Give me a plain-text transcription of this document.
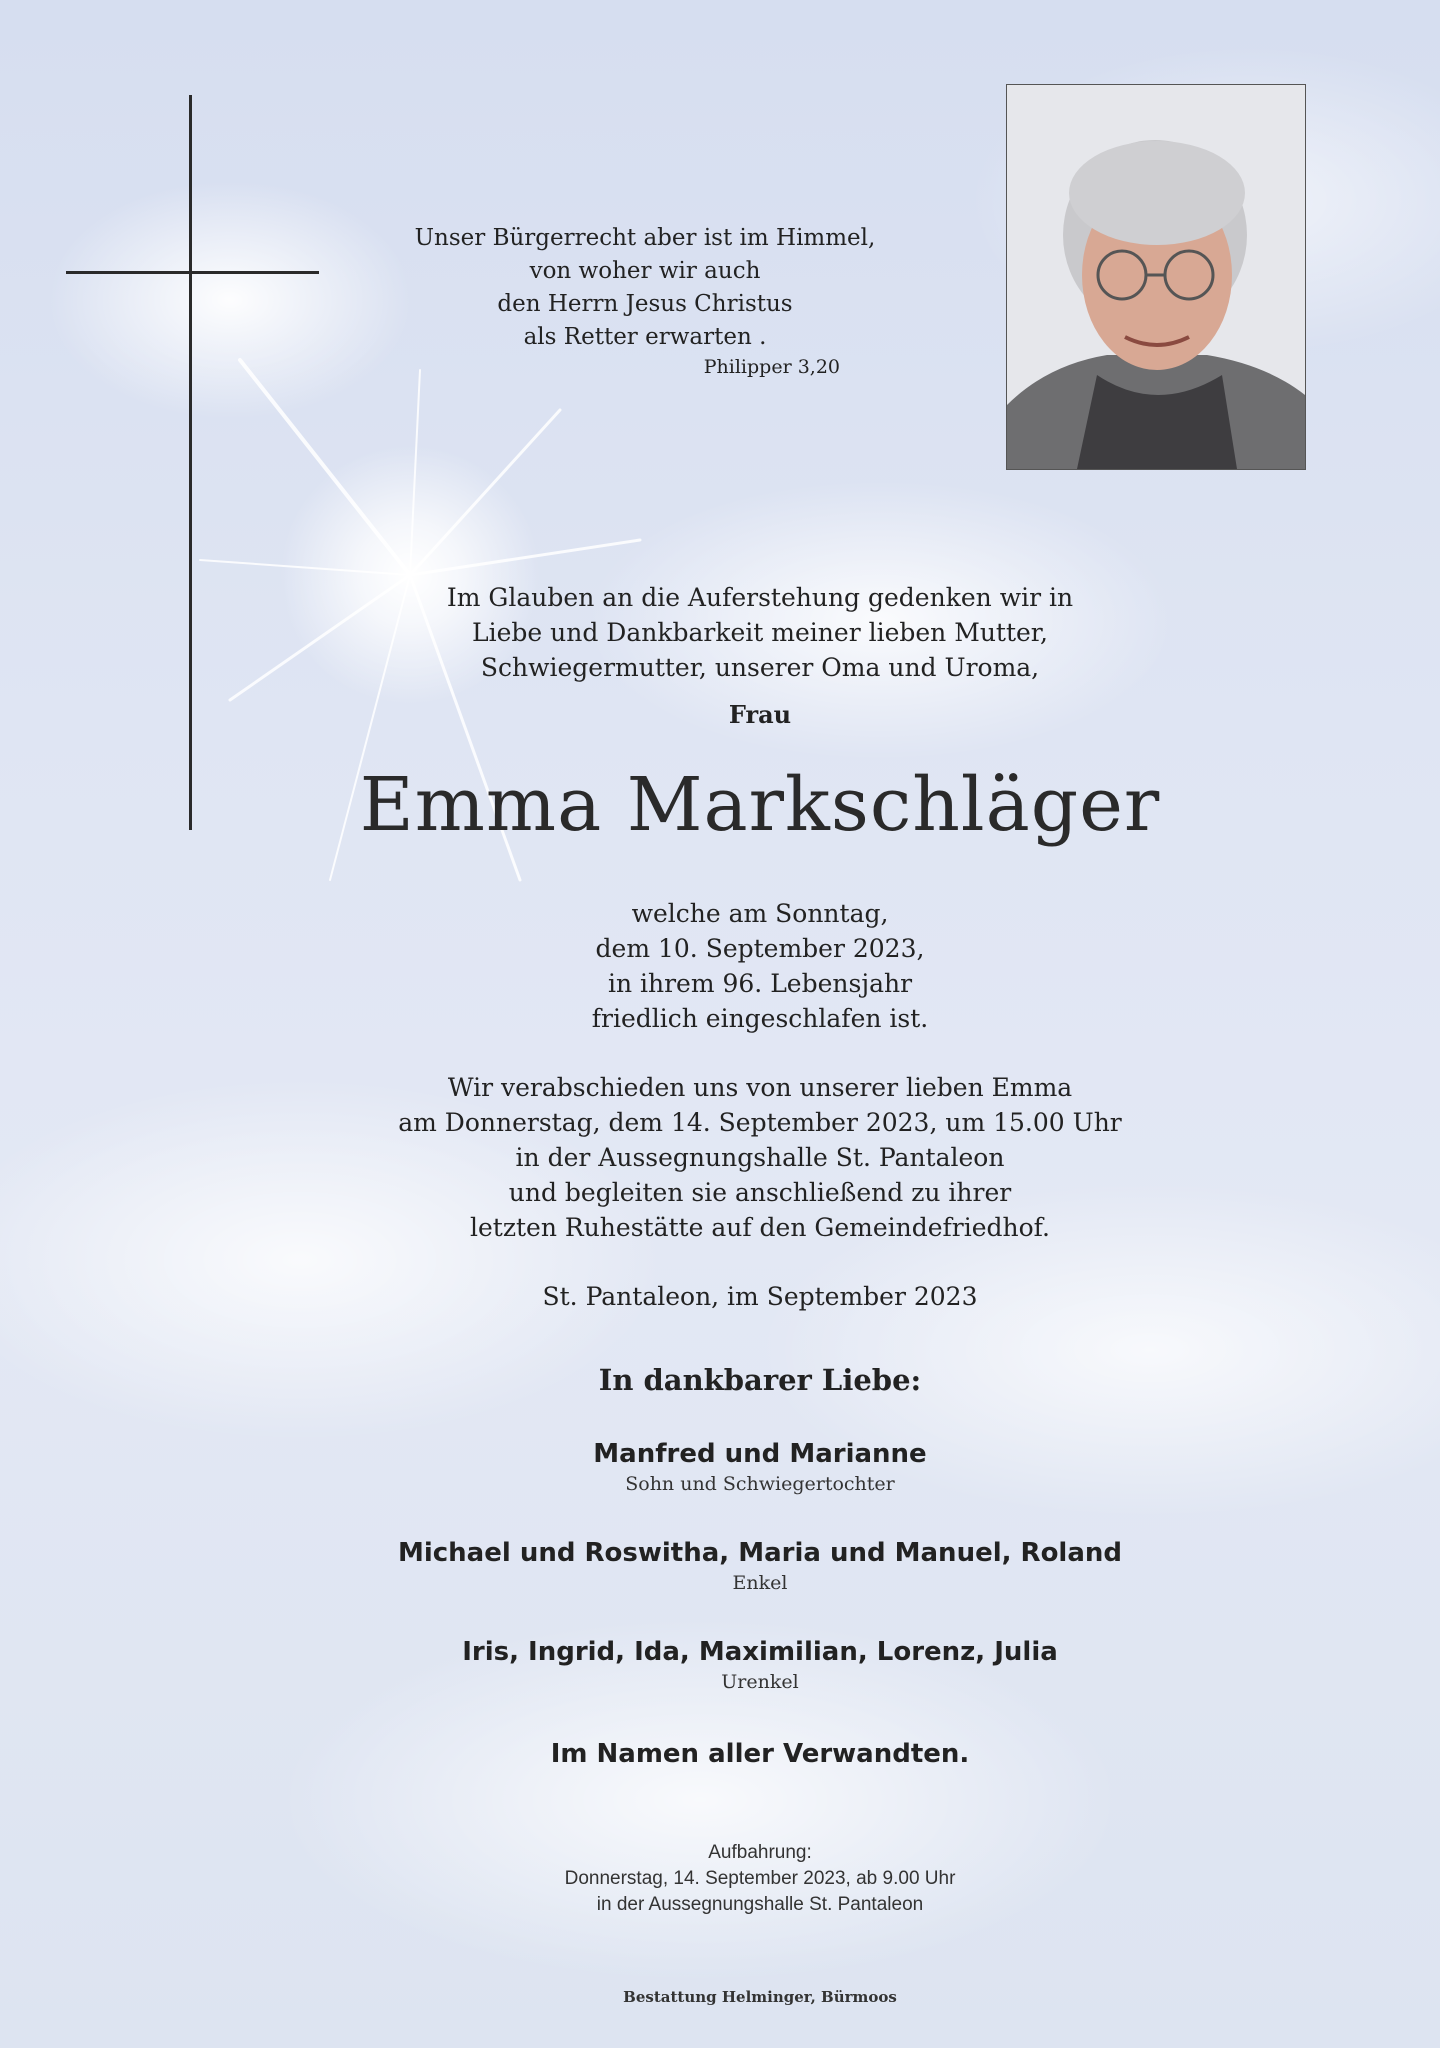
Unser Bürgerrecht aber ist im Himmel,
von woher wir auch
den Herrn Jesus Christus
als Retter erwarten .
Philipper 3,20
Im Glauben an die Auferstehung gedenken wir in
Liebe und Dankbarkeit meiner lieben Mutter,
Schwiegermutter, unserer Oma und Uroma,
Frau
Emma Markschläger
welche am Sonntag,
dem 10. September 2023,
in ihrem 96. Lebensjahr
friedlich eingeschlafen ist.
Wir verabschieden uns von unserer lieben Emma
am Donnerstag, dem 14. September 2023, um 15.00 Uhr
in der Aussegnungshalle St. Pantaleon
und begleiten sie anschließend zu ihrer
letzten Ruhestätte auf den Gemeindefriedhof.
St. Pantaleon, im September 2023
In dankbarer Liebe:
Manfred und Marianne
Sohn und Schwiegertochter
Michael und Roswitha, Maria und Manuel, Roland
Enkel
Iris, Ingrid, Ida, Maximilian, Lorenz, Julia
Urenkel
Im Namen aller Verwandten.
Aufbahrung:
Donnerstag, 14. September 2023, ab 9.00 Uhr
in der Aussegnungshalle St. Pantaleon
Bestattung Helminger, Bürmoos
